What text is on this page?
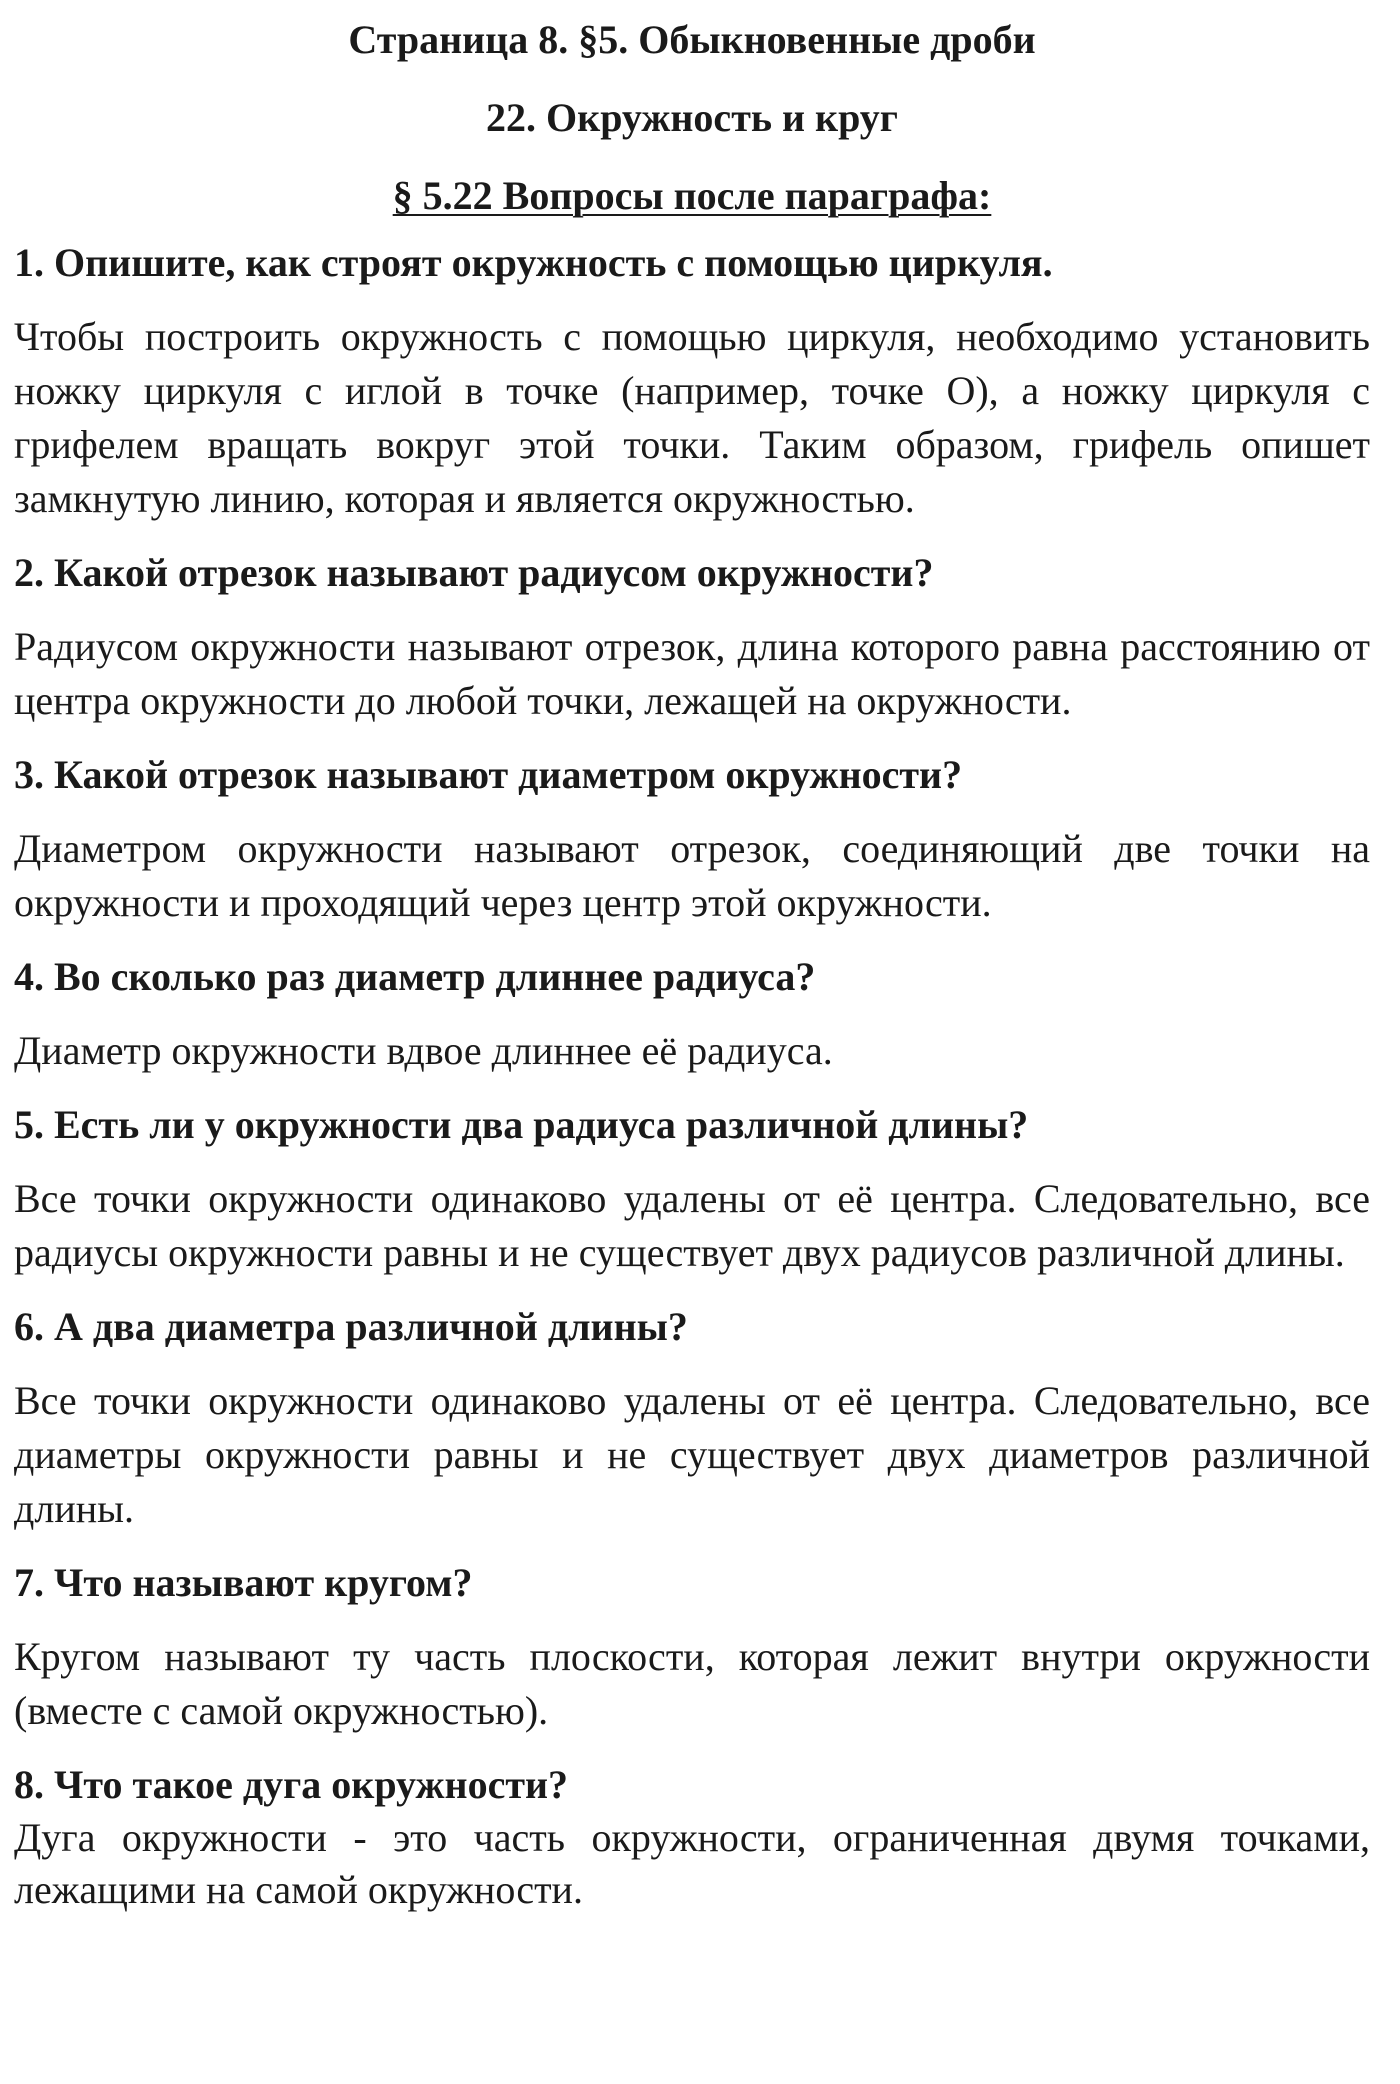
Страница 8. §5. Обыкновенные дроби
22. Окружность и круг
§ 5.22 Вопросы после параграфа:

1. Опишите, как строят окружность с помощью циркуля.

Чтобы построить окружность с помощью циркуля, необходимо установить ножку циркуля с иглой в точке (например, точке О), а ножку циркуля с грифелем вращать вокруг этой точки. Таким образом, грифель опишет замкнутую линию, которая и является окружностью.

2. Какой отрезок называют радиусом окружности?

Радиусом окружности называют отрезок, длина которого равна расстоянию от центра окружности до любой точки, лежащей на окружности.

3. Какой отрезок называют диаметром окружности?

Диаметром окружности называют отрезок, соединяющий две точки на окружности и проходящий через центр этой окружности.

4. Во сколько раз диаметр длиннее радиуса?

Диаметр окружности вдвое длиннее её радиуса.

5. Есть ли у окружности два радиуса различной длины?

Все точки окружности одинаково удалены от её центра. Следовательно, все радиусы окружности равны и не существует двух радиусов различной длины.

6. А два диаметра различной длины?

Все точки окружности одинаково удалены от её центра. Следовательно, все диаметры окружности равны и не существует двух диаметров различной длины.

7. Что называют кругом?

Кругом называют ту часть плоскости, которая лежит внутри окружности (вместе с самой окружностью).

8. Что такое дуга окружности?

Дуга окружности - это часть окружности, ограниченная двумя точками, лежащими на самой окружности.
